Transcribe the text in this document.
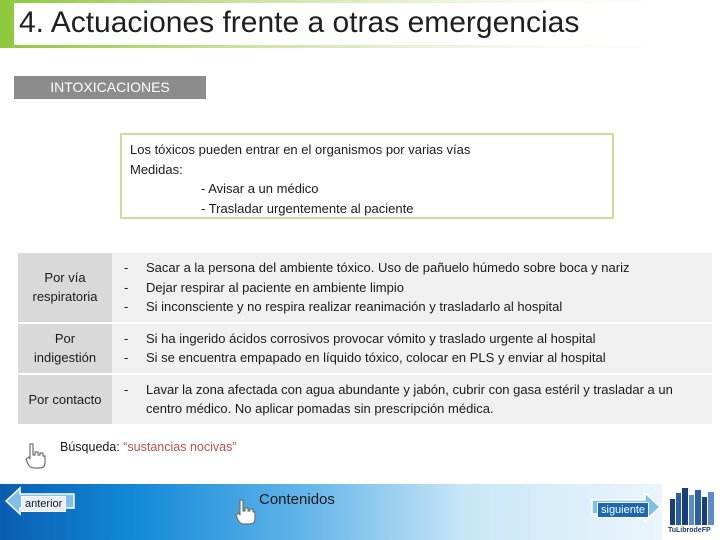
4. Actuaciones frente a otras emergencias
INTOXICACIONES
Los tóxicos pueden entrar en el organismos por varias vías
Medidas:
- Avisar a un médico
- Trasladar urgentemente al paciente
Por vía
respiratoria
-	Sacar a la persona del ambiente tóxico. Uso de pañuelo húmedo sobre boca y nariz
-	Dejar respirar al paciente en ambiente limpio
-	Si inconsciente y no respira realizar reanimación y trasladarlo al hospital
Por
indigestión
-	Si ha ingerido ácidos corrosivos provocar vómito y traslado urgente al hospital
-	Si se encuentra empapado en líquido tóxico, colocar en PLS y enviar al hospital
Por contacto
-	Lavar la zona afectada con agua abundante y jabón, cubrir con gasa estéril y trasladar a un centro médico. No aplicar pomadas sin prescripción médica.
Búsqueda: “sustancias nocivas”
anterior	Contenidos
siguiente
TuLibrodeFP
